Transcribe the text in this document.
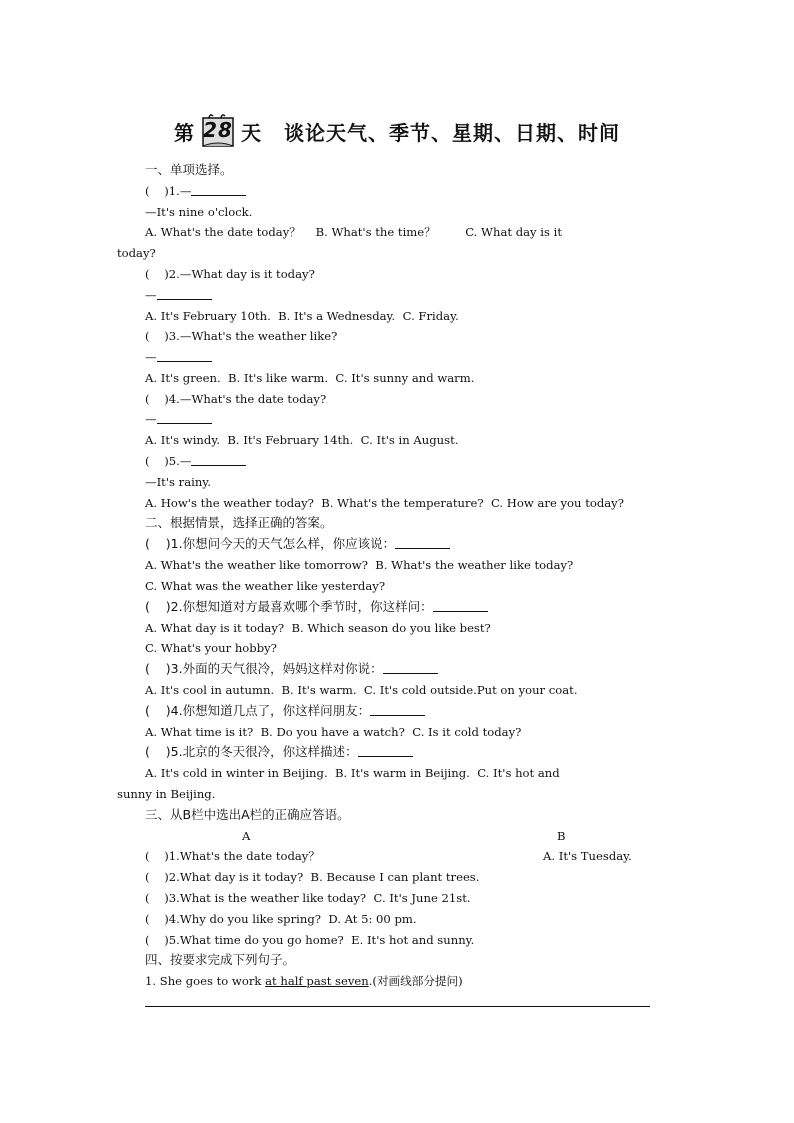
第 28 天 谈论天气、季节、星期、日期、时间
一、单项选择。
(    )1.—
—It's nine o'clock.
A. What's the date today？    B. What's the time？        C. What day is it
today?
(    )2.—What day is it today?
—
A. It's February 10th.  B. It's a Wednesday.  C. Friday.
(    )3.—What's the weather like?
—
A. It's green.  B. It's like warm.  C. It's sunny and warm.
(    )4.—What's the date today?
—
A. It's windy.  B. It's February 14th.  C. It's in August.
(    )5.—
—It's rainy.
A. How's the weather today?  B. What's the temperature?  C. How are you today?
二、根据情景，选择正确的答案。
(    )1.你想问今天的天气怎么样，你应该说：
A. What's the weather like tomorrow?  B. What's the weather like today?
C. What was the weather like yesterday?
(    )2.你想知道对方最喜欢哪个季节时，你这样问：
A. What day is it today?  B. Which season do you like best?
C. What's your hobby?
(    )3.外面的天气很冷，妈妈这样对你说：
A. It's cool in autumn.  B. It's warm.  C. It's cold outside.Put on your coat.
(    )4.你想知道几点了，你这样问朋友：
A. What time is it?  B. Do you have a watch?  C. Is it cold today?
(    )5.北京的冬天很冷，你这样描述：
A. It's cold in winter in Beijing.  B. It's warm in Beijing.  C. It's hot and
sunny in Beijing.
三、从B栏中选出A栏的正确应答语。
A	B
(    )1.What's the date today？	A. It's Tuesday.
(    )2.What day is it today?  B. Because I can plant trees.
(    )3.What is the weather like today?  C. It's June 21st.
(    )4.Why do you like spring?  D. At 5: 00 pm.
(    )5.What time do you go home?  E. It's hot and sunny.
四、按要求完成下列句子。
1. She goes to work at half past seven.(对画线部分提问)
